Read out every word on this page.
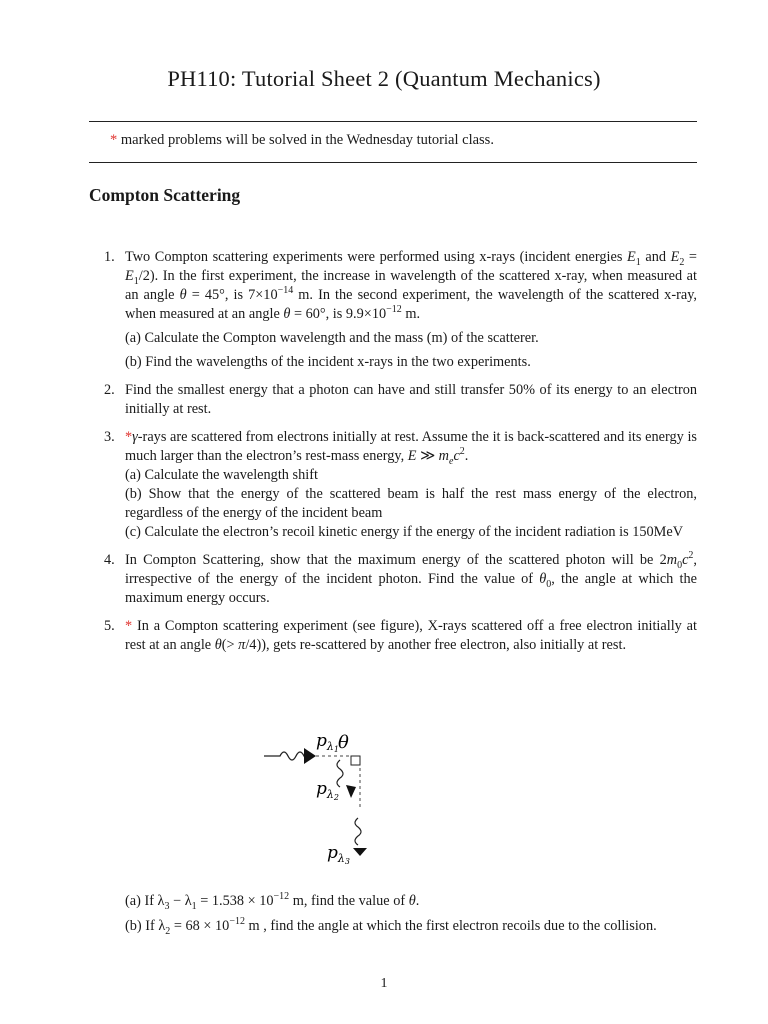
PH110: Tutorial Sheet 2 (Quantum Mechanics)
* marked problems will be solved in the Wednesday tutorial class.
Compton Scattering
1. Two Compton scattering experiments were performed using x-rays (incident energies $E_1$ and $E_2 = E_1/2$). In the first experiment, the increase in wavelength of the scattered x-ray, when measured at an angle θ = 45°, is $7\times 10^{-14}$ m. In the second experiment, the wavelength of the scattered x-ray, when measured at an angle θ = 60°, is $9.9\times 10^{-12}$ m.
(a) Calculate the Compton wavelength and the mass (m) of the scatterer.
(b) Find the wavelengths of the incident x-rays in the two experiments.
2. Find the smallest energy that a photon can have and still transfer 50% of its energy to an electron initially at rest.
3. *γ-rays are scattered from electrons initially at rest. Assume the it is back-scattered and its energy is much larger than the electron’s rest-mass energy, E ≫ $m_ec^2$.
(a) Calculate the wavelength shift
(b) Show that the energy of the scattered beam is half the rest mass energy of the electron, regardless of the energy of the incident beam
(c) Calculate the electron’s recoil kinetic energy if the energy of the incident radiation is 150MeV
4. In Compton Scattering, show that the maximum energy of the scattered photon will be $2m_0c^2$, irrespective of the energy of the incident photon. Find the value of $\theta_0$, the angle at which the maximum energy occurs.
5. * In a Compton scattering experiment (see figure), X-rays scattered off a free electron initially at rest at an angle θ(> π/4)), gets re-scattered by another free electron, also initially at rest.
$p_\lambda 1$ θ
$p_\lambda 2$
$p_\lambda 3$
(a) If $\lambda_3 - \lambda_1 = 1.538 \times 10^{-12}$ m, find the value of θ.
(b) If $\lambda_2 = 68 \times 10^{-12}$ m , find the angle at which the first electron recoils due to the collision.
1
